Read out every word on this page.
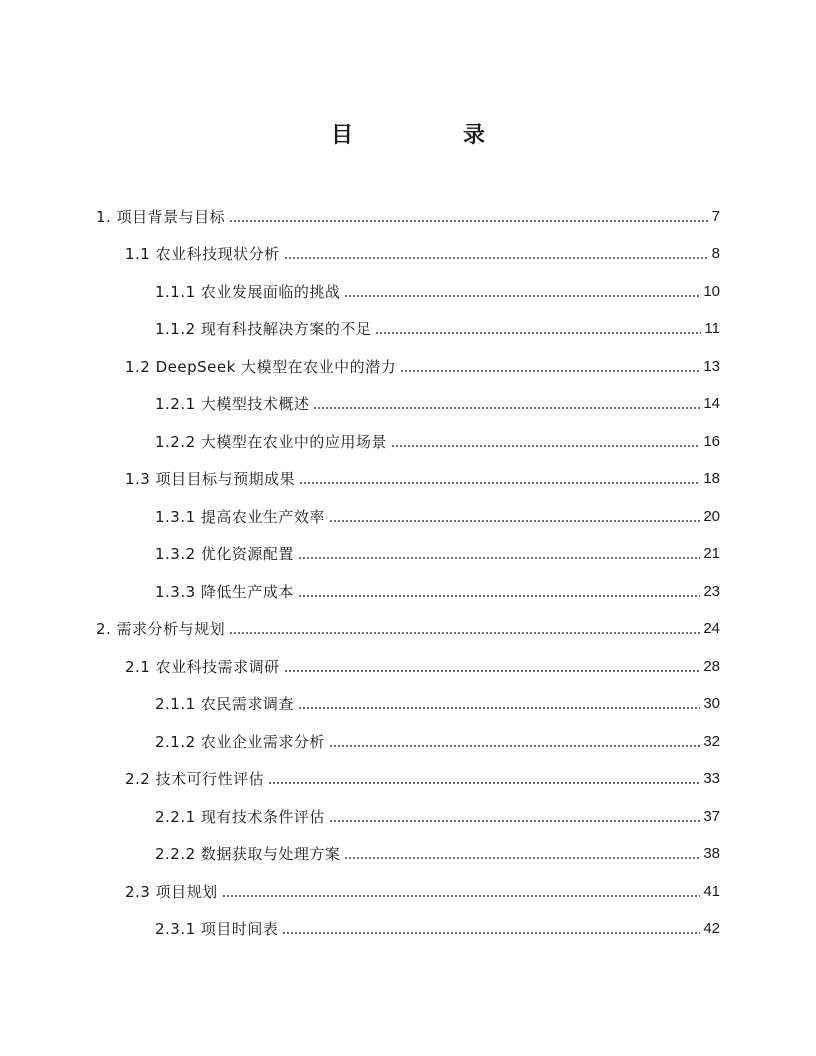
目　录
1. 项目背景与目标	7
1.1 农业科技现状分析	8
1.1.1 农业发展面临的挑战	10
1.1.2 现有科技解决方案的不足	11
1.2 DeepSeek 大模型在农业中的潜力	13
1.2.1 大模型技术概述	14
1.2.2 大模型在农业中的应用场景	16
1.3 项目目标与预期成果	18
1.3.1 提高农业生产效率	20
1.3.2 优化资源配置	21
1.3.3 降低生产成本	23
2. 需求分析与规划	24
2.1 农业科技需求调研	28
2.1.1 农民需求调查	30
2.1.2 农业企业需求分析	32
2.2 技术可行性评估	33
2.2.1 现有技术条件评估	37
2.2.2 数据获取与处理方案	38
2.3 项目规划	41
2.3.1 项目时间表	42
